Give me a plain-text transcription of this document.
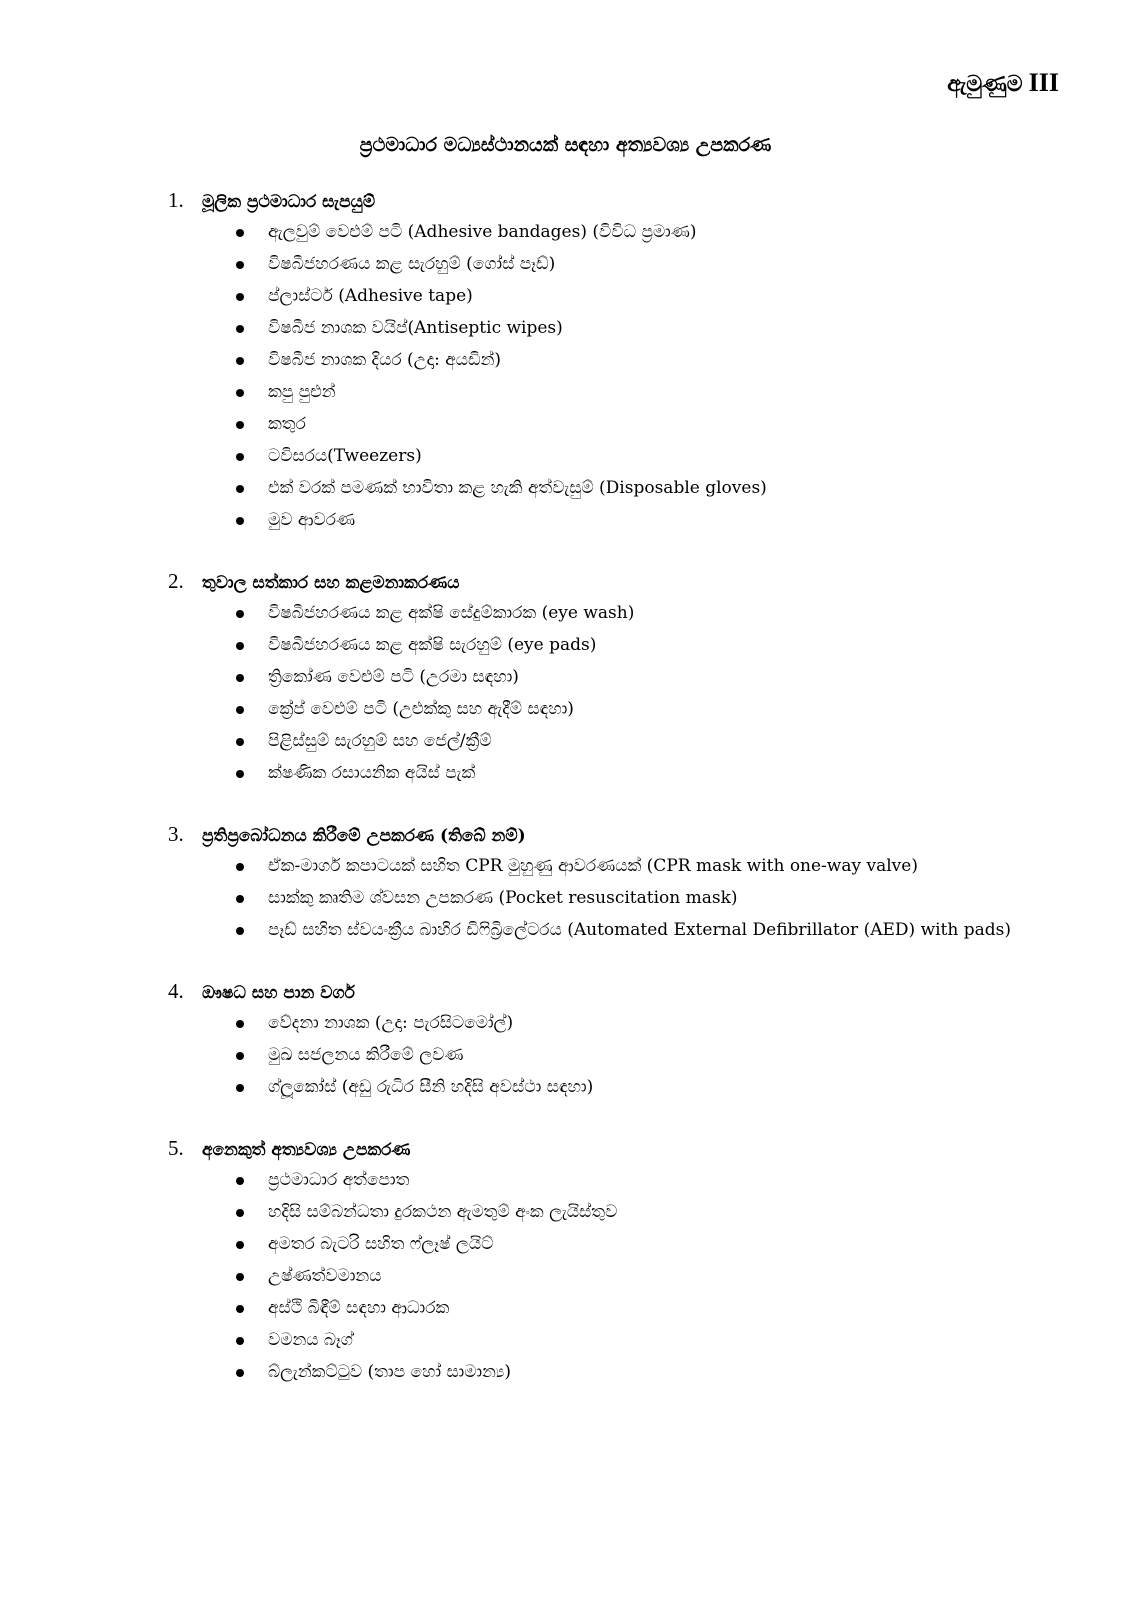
ඇමුණුම III
ප්‍රථමාධාර මධ්‍යස්ථානයක් සඳහා අත්‍යවශ්‍ය උපකරණ
1.	මූලික ප්‍රථමාධාර සැපයුම්
ඇලවුම් වෙළුම් පටි (Adhesive bandages) (විවිධ ප්‍රමාණ)
විෂබීජහරණය කළ සැරහුම් (ගෝස් පෑඩ්)
ප්ලාස්ටර් (Adhesive tape)
විෂබීජ නාශක වයිප්(Antiseptic wipes)
විෂබීජ නාශක දියර (උදා: අයඩින්)
කපු පුළුන්
කතුර
ටවිසරය(Tweezers)
එක් වරක් පමණක් භාවිතා කළ හැකි අත්වැසුම් (Disposable gloves)
මුව ආවරණ
2.	තුවාල සත්කාර සහ කළමනාකරණය
විෂබීජහරණය කළ අක්ෂි සේදුම්කාරක (eye wash)
විෂබීජහරණය කළ අක්ෂි සැරහුම් (eye pads)
ත්‍රිකෝණ වෙළුම් පටි (උරමා සඳහා)
ක්‍රේප් වෙළුම් පටි (උළුක්කු සහ ඇදීම් සඳහා)
පිළිස්සුම් සැරහුම් සහ ජෙල්/ක්‍රීම්
ක්ෂණික රසායනික අයිස් පැක්
3.	ප්‍රතිප්‍රබෝධනය කිරීමේ උපකරණ (තිබේ නම්)
ඒක-මාර්ග කපාටයක් සහිත CPR මුහුණු ආවරණයක් (CPR mask with one-way valve)
සාක්කු කෘතිම ශ්වසන උපකරණ (Pocket resuscitation mask)
පෑඩ් සහිත ස්වයංක්‍රීය බාහිර ඩිෆිබ්‍රිලේටරය (Automated External Defibrillator (AED) with pads)
4.	ඖෂධ සහ පාන වර්ග
වේදනා නාශක (උදා: පැරසිටමෝල්)
මුඛ සජලනය කිරීමේ ලවණ
ග්ලූකෝස් (අඩු රුධිර සීනි හදිසි අවස්ථා සඳහා)
5.	අනෙකුත් අත්‍යවශ්‍ය උපකරණ
ප්‍රථමාධාර අත්පොත
හදිසි සම්බන්ධතා දුරකථන ඇමතුම් අංක ලැයිස්තුව
අමතර බැටරි සහිත ෆ්ලෑෂ් ලයිට්
උෂ්ණත්වමානය
අස්ථි බිඳීම් සඳහා ආධාරක
වමනය බෑග්
බ්ලැන්කට්ටුව (තාප හෝ සාමාන්‍ය)
